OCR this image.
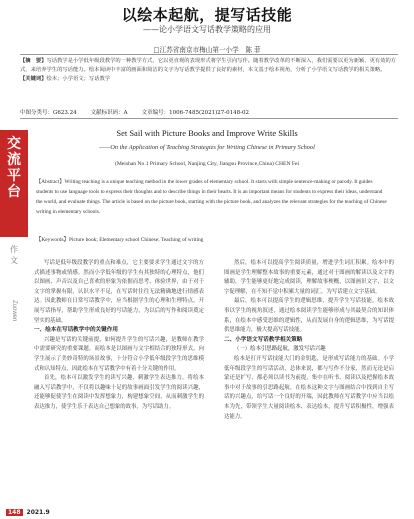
以绘本起航，提写话技能
——论小学语文写话教学策略的应用
□江苏省南京市梅山第一小学　陈 菲
【摘　要】写话教学是小学低年级段教学的一种教学方式，它以更直观的表现形式将学生引向写作。随着教学改革的不断深入，我们需要以更为新颖、更有效的方式，来培养学生的写话能力。绘本阅读中丰富的画面和简洁的文字为写话教学提供了良好的素材，本文基于绘本视角，分析了小学语文写话教学的相关策略。
【关键词】绘本；小学语文；写话教学
中图分类号：G623.24	文献标识码：A	文章编号：1006-7485(2021)27-0148-02
交流平台
作文
Zuowen
Set Sail with Picture Books and Improve Write Skills
——On the Application of Teaching Strategies for Writing Chinese in Primary School
(Meishan No.1 Primary School, Nanjing City, Jiangsu Province,China) CHEN Fei
【Abstract】Writing teaching is a unique teaching method in the lower grades of elementary school. It starts with simple sentence-making or parody. It guides students to use language tools to express their thoughts and to describe things in their hearts. It is an important means for students to express their ideas, understand the world, and evaluate things. The article is based on the picture book, starting with the picture book, and analyzes the relevant strategies for the teaching of Chinese writing in elementary schools.
【Keywords】Picture book; Elementary school Chinese; Teaching of writing

写话是低年级段教学的重点和难点，它主要要求学生通过文字的方式描述事物或情感。然而小学低年级的学生有其独特的心理特点，他们以图画、声音以及自己喜欢的形象为依据而思考、体验世界，由于对于文字的掌握有限，认识水平不足，在写话时往往无法精确地进行情感表达。因此教师在日常写话教学中，应当根据学生的心理和生理特点，开展写话指导，帮助学生形成良好的写话能力，为以后的写作和阅读奠定坚实的基础。

一、绘本在写话教学中的关键作用

兴趣是写话的关键前提，如何提升学生的写话兴趣，是教师在教学中需要研究的重要课题。而绘本是以图画与文字相结合的独特形式，向学生展示了美妙奇特的场景故事，十分符合小学低年级段学生的思维模式和认知特点，因此绘本在写话教学中有着十分关键的作用。

首先，绘本可以激发学生的读写兴趣，刺激学生表达推力。将绘本融入写话教学中，不仅将以趣味十足的故事画面引发学生的阅读兴趣，还能够促使学生在阅读中发挥想象力，构建想象空间，从而刺激学生的表达推力，使学生乐于表达自己想象的故事，为写话助力。

然后，绘本可以提高学生阅读质量，增进学生词汇积累。绘本中的图画是学生理解整本故事的重要元素，通过对于图画的解读以及文字的辅助，学生能够更好地完成阅读，理解故事梗概，以图画识文字，以文字促理解，在不知不觉中积累大量的词汇，为写话建立文字基础。

最后，绘本可以提高学生的逻辑思维，提升学生写话技能。绘本故事以学生的视角叙述，通过绘本阅读学生能够形成与其最契合的知识体系，在绘本中感受思维的逻辑性，从而发展自身的逻辑思维，为写话提供思维能力，极大提高写话技能。

二、小学语文写话教学相关策略
（一）绘本引思路起航，激发写话兴趣

绘本是打开写话技能大门的金钥匙，是形成写话能力的基础。小学低年级段学生的写话活动，总体来说，都与写作不分家，然而无论是启蒙还是扩写，都必须以读书为前提，集中在听书、阅读以及把握绘本故事中对于故事的引思路起航。在绘本这种文字与图画结合中找到自主写话的兴趣点，给写话一个良好的开端，因此教师在写话教学中应当以绘本为先，带领学生大量阅读绘本、表达绘本，提升写话积极性，增强表达能力。

148	2021.9
